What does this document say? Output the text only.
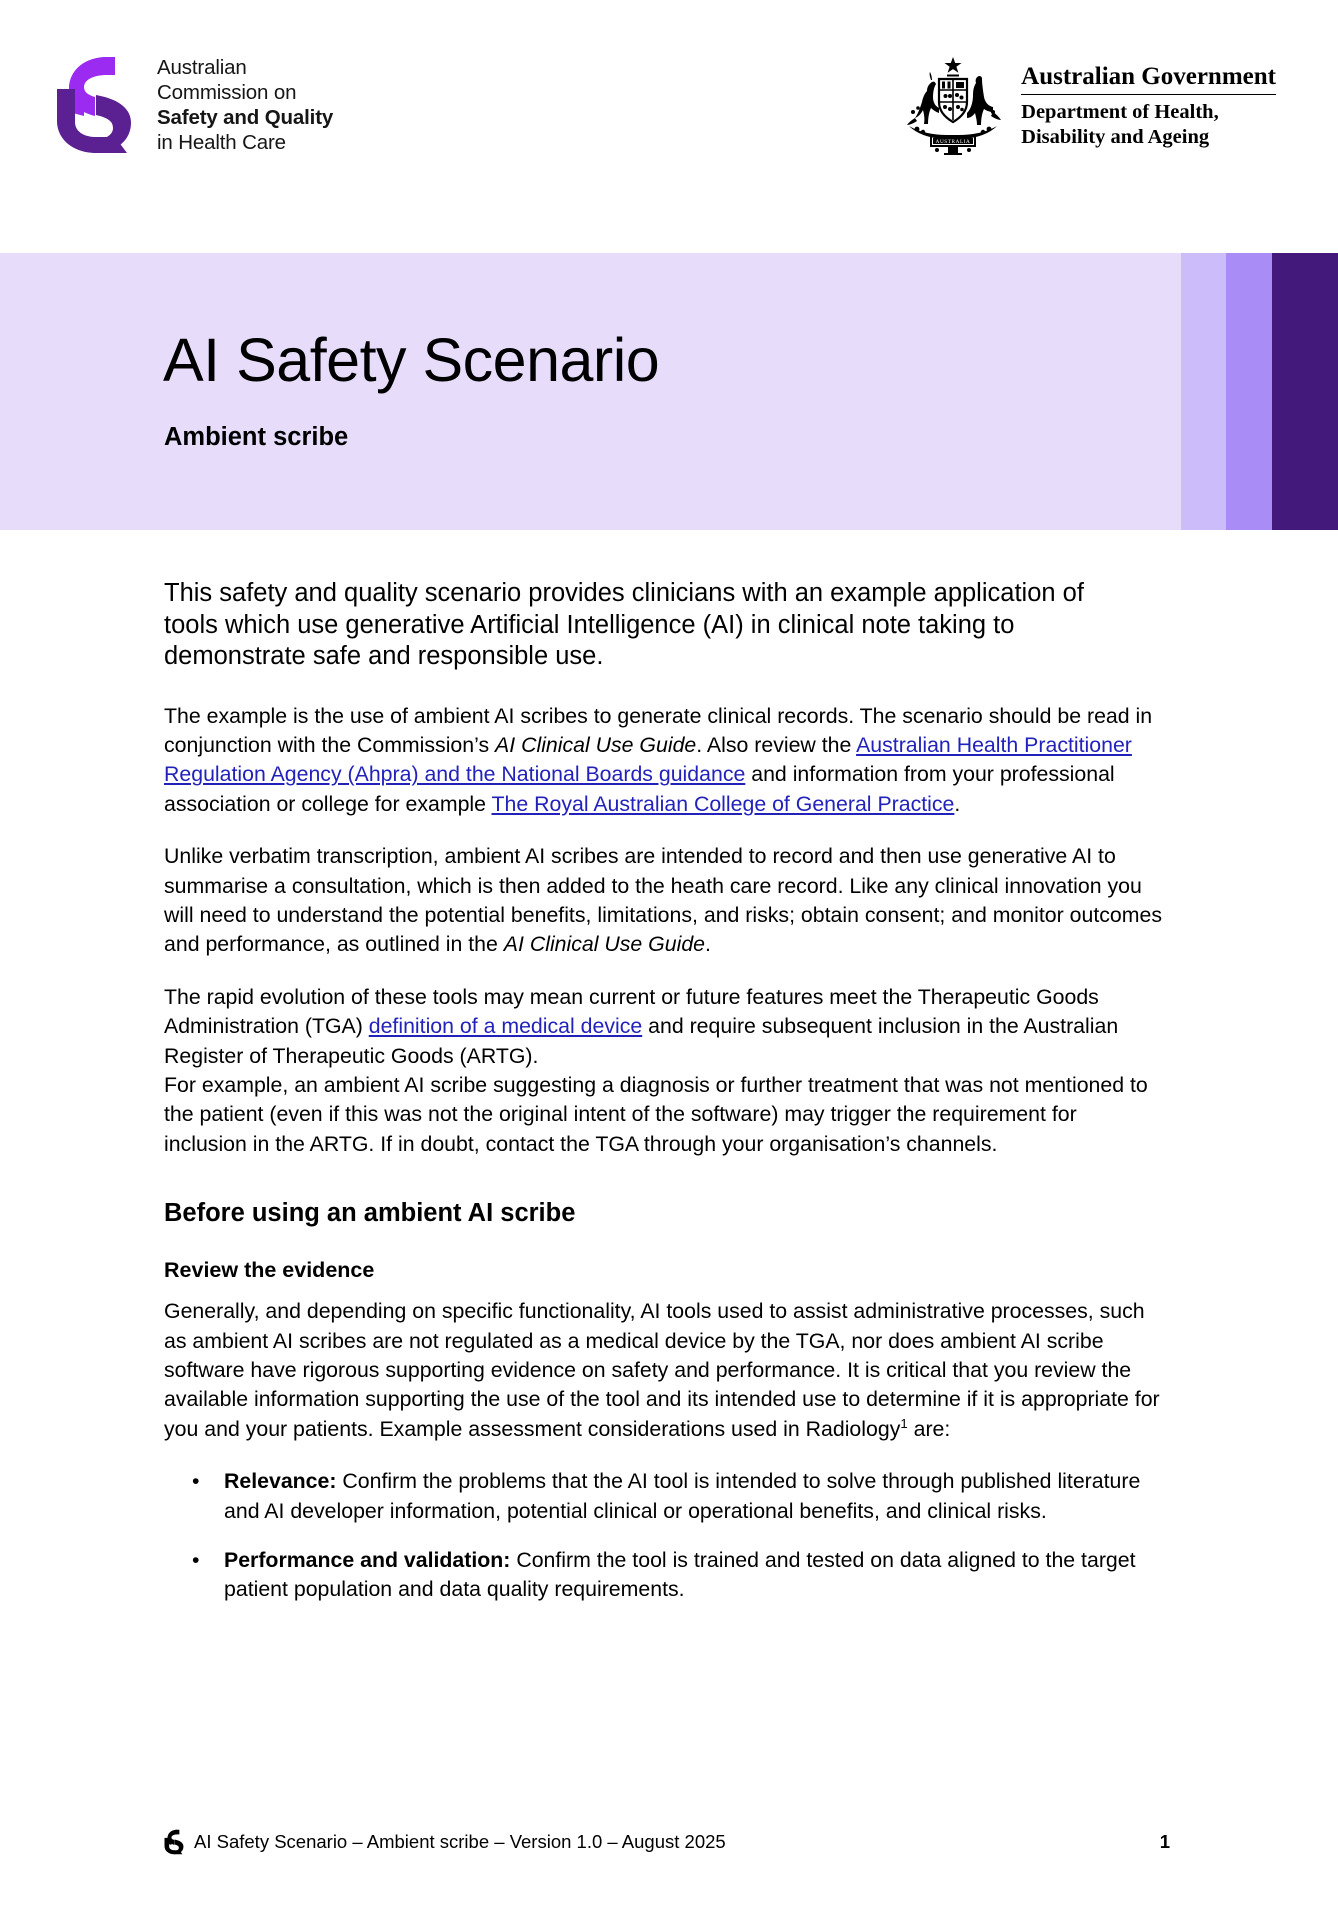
Australian
Commission on
Safety and Quality
in Health Care	AUSTRALIA
Australian Government
Department of Health,
Disability and Ageing
AI Safety Scenario
Ambient scribe

This safety and quality scenario provides clinicians with an example application of tools which use generative Artificial Intelligence (AI) in clinical note taking to demonstrate safe and responsible use.

The example is the use of ambient AI scribes to generate clinical records. The scenario should be read in conjunction with the Commission’s AI Clinical Use Guide. Also review the Australian Health Practitioner Regulation Agency (Ahpra) and the National Boards guidance and information from your professional association or college for example The Royal Australian College of General Practice.

Unlike verbatim transcription, ambient AI scribes are intended to record and then use generative AI to summarise a consultation, which is then added to the heath care record. Like any clinical innovation you will need to understand the potential benefits, limitations, and risks; obtain consent; and monitor outcomes and performance, as outlined in the AI Clinical Use Guide.

The rapid evolution of these tools may mean current or future features meet the Therapeutic Goods Administration (TGA) definition of a medical device and require subsequent inclusion in the Australian Register of Therapeutic Goods (ARTG).
For example, an ambient AI scribe suggesting a diagnosis or further treatment that was not mentioned to the patient (even if this was not the original intent of the software) may trigger the requirement for inclusion in the ARTG. If in doubt, contact the TGA through your organisation’s channels.

Before using an ambient AI scribe
Review the evidence

Generally, and depending on specific functionality, AI tools used to assist administrative processes, such as ambient AI scribes are not regulated as a medical device by the TGA, nor does ambient AI scribe software have rigorous supporting evidence on safety and performance. It is critical that you review the available information supporting the use of the tool and its intended use to determine if it is appropriate for you and your patients. Example assessment considerations used in Radiology$^1$ are:

• Relevance: Confirm the problems that the AI tool is intended to solve through published literature and AI developer information, potential clinical or operational benefits, and clinical risks.
• Performance and validation: Confirm the tool is trained and tested on data aligned to the target patient population and data quality requirements.
AI Safety Scenario – Ambient scribe – Version 1.0 – August 2025	1
